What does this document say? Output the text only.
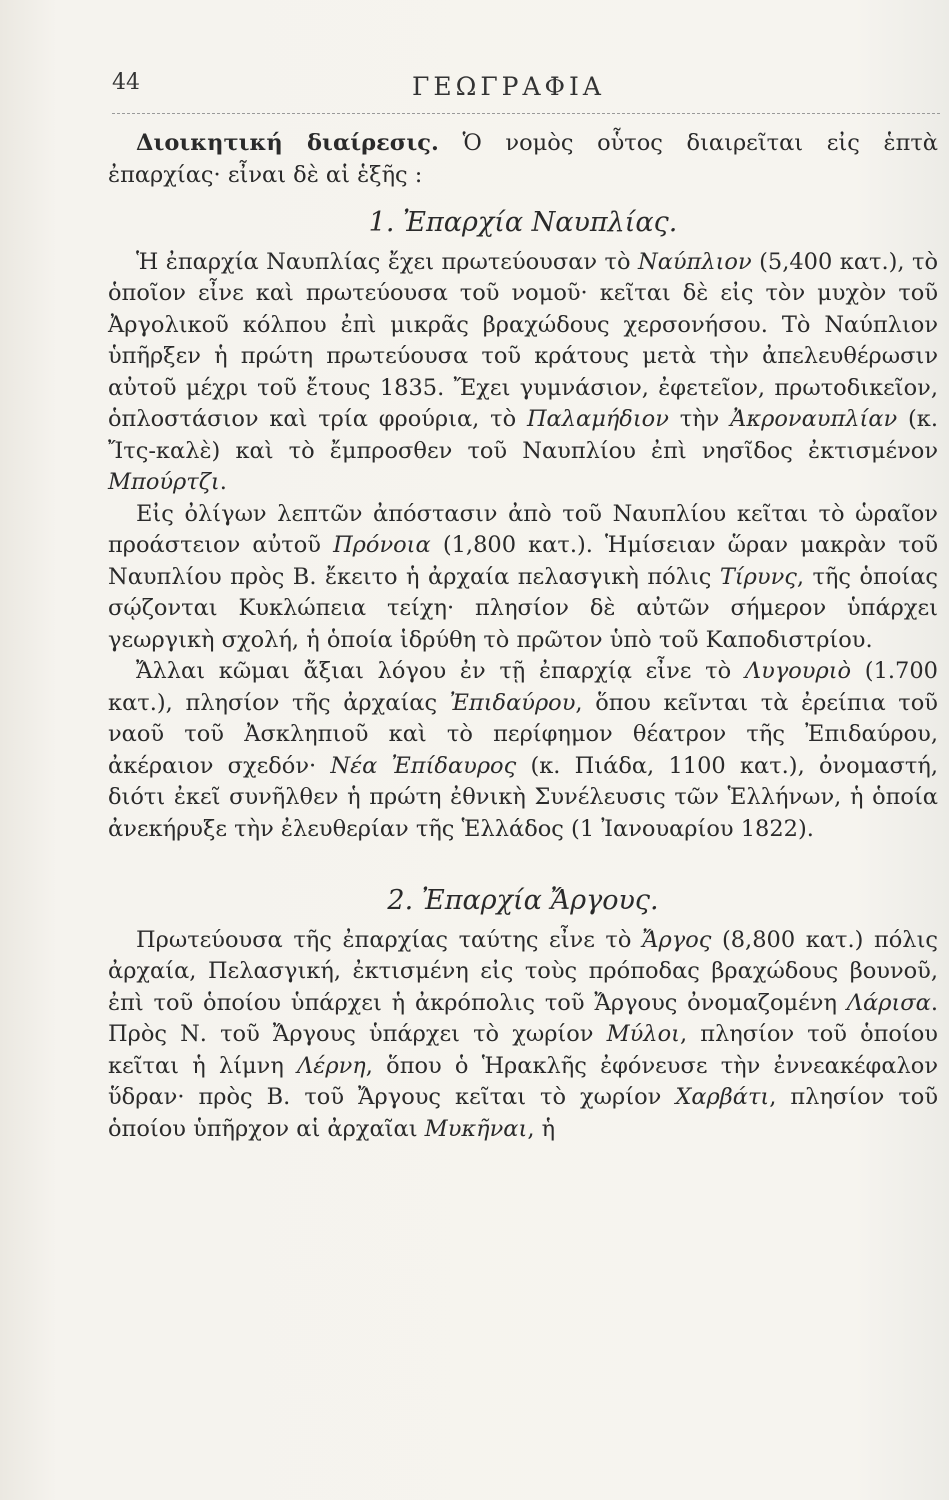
44	ΓΕΩΓΡΑΦΙΑ

Διοικητική διαίρεσις. Ὁ νομὸς οὗτος διαιρεῖται εἰς ἑπτὰ ἐπαρχίας· εἶναι δὲ αἱ ἑξῆς :

1. Ἐπαρχία Ναυπλίας.

Ἡ ἐπαρχία Ναυπλίας ἔχει πρωτεύουσαν τὸ Ναύπλιον (5,400 κατ.), τὸ ὁποῖον εἶνε καὶ πρωτεύουσα τοῦ νομοῦ· κεῖται δὲ εἰς τὸν μυχὸν τοῦ Ἀργολικοῦ κόλπου ἐπὶ μικρᾶς βραχώδους χερσονήσου. Τὸ Ναύπλιον ὑπῆρξεν ἡ πρώτη πρωτεύουσα τοῦ κράτους μετὰ τὴν ἀπελευθέρωσιν αὐτοῦ μέχρι τοῦ ἔτους 1835. Ἔχει γυμνάσιον, ἐφετεῖον, πρωτοδικεῖον, ὁπλοστάσιον καὶ τρία φρούρια, τὸ Παλαμήδιον τὴν Ἀκροναυπλίαν (κ. Ἴτς-καλὲ) καὶ τὸ ἔμπροσθεν τοῦ Ναυπλίου ἐπὶ νησῖδος ἐκτισμένον Μπούρτζι.

Εἰς ὀλίγων λεπτῶν ἀπόστασιν ἀπὸ τοῦ Ναυπλίου κεῖται τὸ ὡραῖον προάστειον αὐτοῦ Πρόνοια (1,800 κατ.). Ἡμίσειαν ὥραν μακρὰν τοῦ Ναυπλίου πρὸς Β. ἔκειτο ἡ ἀρχαία πελασγικὴ πόλις Τίρυνς, τῆς ὁποίας σῴζονται Κυκλώπεια τείχη· πλησίον δὲ αὐτῶν σήμερον ὑπάρχει γεωργικὴ σχολή, ἡ ὁποία ἱδρύθη τὸ πρῶτον ὑπὸ τοῦ Καποδιστρίου.

Ἄλλαι κῶμαι ἄξιαι λόγου ἐν τῇ ἐπαρχίᾳ εἶνε τὸ Λυγουριὸ (1.700 κατ.), πλησίον τῆς ἀρχαίας Ἐπιδαύρου, ὅπου κεῖνται τὰ ἐρείπια τοῦ ναοῦ τοῦ Ἀσκληπιοῦ καὶ τὸ περίφημον θέατρον τῆς Ἐπιδαύρου, ἀκέραιον σχεδόν· Νέα Ἐπίδαυρος (κ. Πιάδα, 1100 κατ.), ὀνομαστή, διότι ἐκεῖ συνῆλθεν ἡ πρώτη ἐθνικὴ Συνέλευσις τῶν Ἑλλήνων, ἡ ὁποία ἀνεκήρυξε τὴν ἐλευθερίαν τῆς Ἑλλάδος (1 Ἰανουαρίου 1822).

2. Ἐπαρχία Ἄργους.

Πρωτεύουσα τῆς ἐπαρχίας ταύτης εἶνε τὸ Ἄργος (8,800 κατ.) πόλις ἀρχαία, Πελασγική, ἐκτισμένη εἰς τοὺς πρόποδας βραχώδους βουνοῦ, ἐπὶ τοῦ ὁποίου ὑπάρχει ἡ ἀκρόπολις τοῦ Ἄργους ὀνομαζομένη Λάρισα. Πρὸς Ν. τοῦ Ἄργους ὑπάρχει τὸ χωρίον Μύλοι, πλησίον τοῦ ὁποίου κεῖται ἡ λίμνη Λέρνη, ὅπου ὁ Ἡρακλῆς ἐφόνευσε τὴν ἐννεακέφαλον ὕδραν· πρὸς Β. τοῦ Ἄργους κεῖται τὸ χωρίον Χαρβάτι, πλησίον τοῦ ὁποίου ὑπῆρχον αἱ ἀρχαῖαι Μυκῆναι, ἡ
